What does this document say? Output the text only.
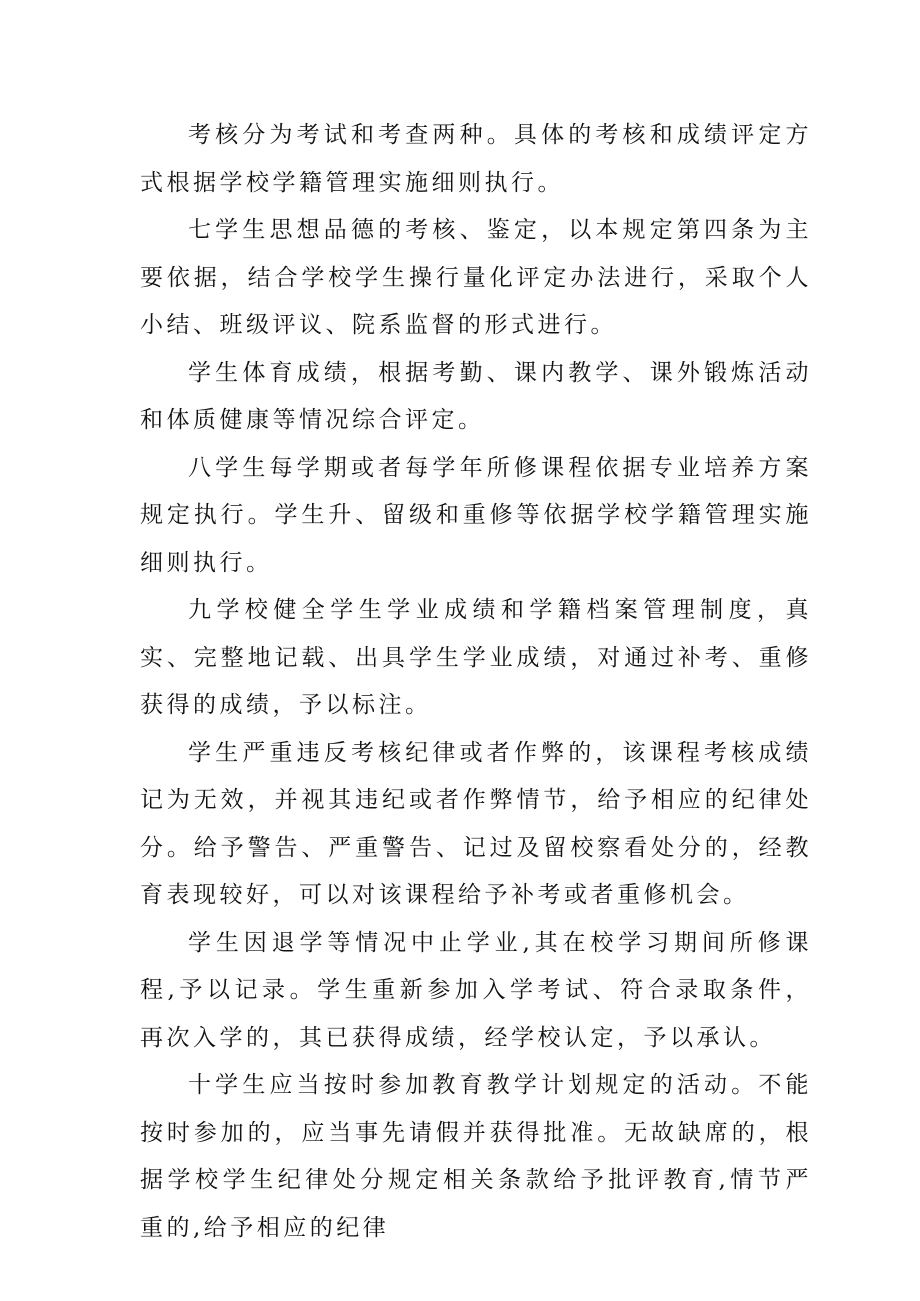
考核分为考试和考查两种。具体的考核和成绩评定方式根据学校学籍管理实施细则执行。

七学生思想品德的考核、鉴定，以本规定第四条为主要依据，结合学校学生操行量化评定办法进行，采取个人小结、班级评议、院系监督的形式进行。

学生体育成绩，根据考勤、课内教学、课外锻炼活动和体质健康等情况综合评定。

八学生每学期或者每学年所修课程依据专业培养方案规定执行。学生升、留级和重修等依据学校学籍管理实施细则执行。

九学校健全学生学业成绩和学籍档案管理制度，真实、完整地记载、出具学生学业成绩，对通过补考、重修获得的成绩，予以标注。

学生严重违反考核纪律或者作弊的，该课程考核成绩记为无效，并视其违纪或者作弊情节，给予相应的纪律处分。给予警告、严重警告、记过及留校察看处分的，经教育表现较好，可以对该课程给予补考或者重修机会。

学生因退学等情况中止学业,其在校学习期间所修课程,予以记录。学生重新参加入学考试、符合录取条件，再次入学的，其已获得成绩，经学校认定，予以承认。

十学生应当按时参加教育教学计划规定的活动。不能按时参加的，应当事先请假并获得批准。无故缺席的，根据学校学生纪律处分规定相关条款给予批评教育,情节严重的,给予相应的纪律
